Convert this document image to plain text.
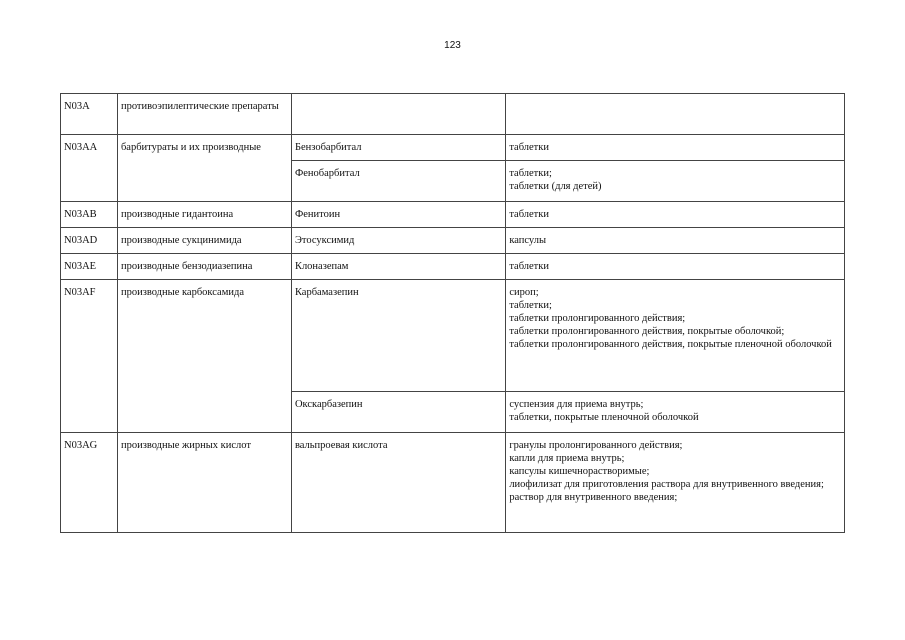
123
N03A	противоэпилептические препараты		
N03AA	барбитураты и их производные	Бензобарбитал	таблетки

		Фенобарбитал	таблетки;
таблетки (для детей)

N03AB	производные гидантоина	Фенитоин	таблетки

N03AD	производные сукцинимида	Этосуксимид	капсулы

N03AE	производные бензодиазепина	Клоназепам	таблетки

N03AF	производные карбоксамида	Карбамазепин	сироп;
таблетки;
таблетки пролонгированного действия;
таблетки пролонгированного действия, покрытые оболочкой;
таблетки пролонгированного действия, покрытые пленочной оболочкой

		Окскарбазепин	суспензия для приема внутрь;
таблетки, покрытые пленочной оболочкой

N03AG	производные жирных кислот	вальпроевая кислота	гранулы пролонгированного действия;
капли для приема внутрь;
капсулы кишечнорастворимые;
лиофилизат для приготовления раствора для внутривенного введения;
раствор для внутривенного введения;
